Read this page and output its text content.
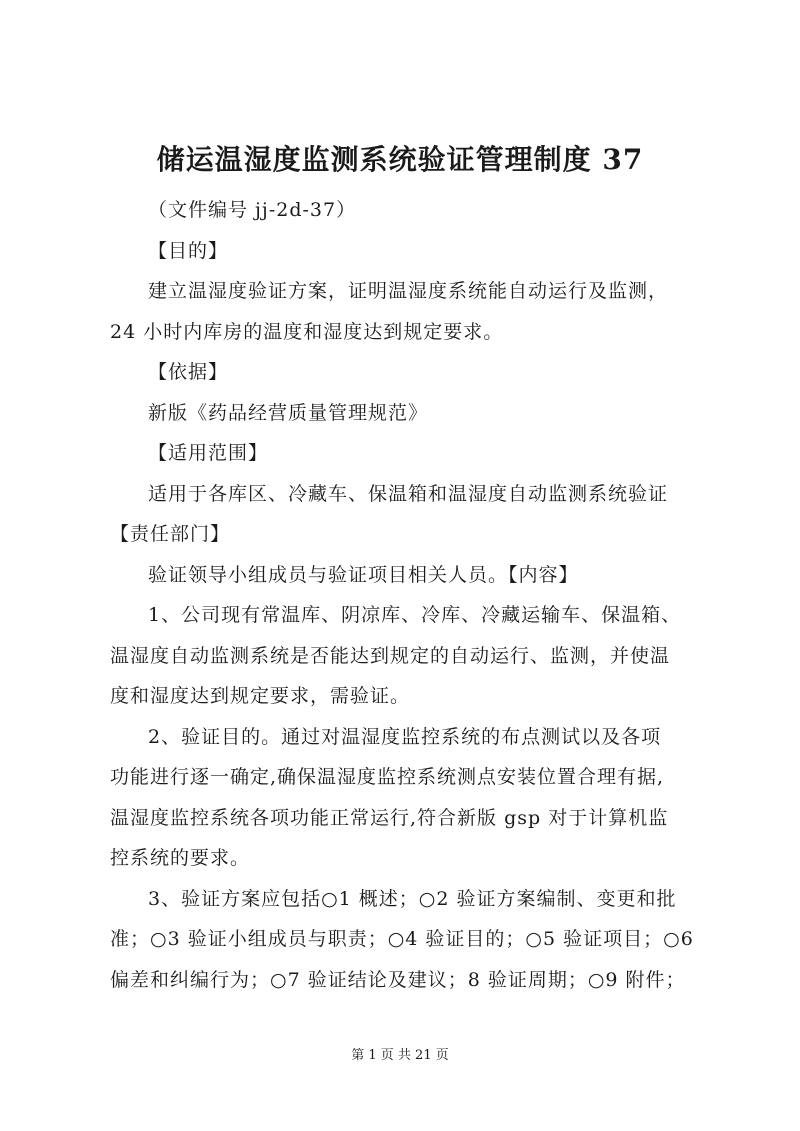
储运温湿度监测系统验证管理制度 37
（文件编号 jj-2d-37）
【目的】
建立温湿度验证方案，证明温湿度系统能自动运行及监测，
24 小时内库房的温度和湿度达到规定要求。
【依据】
新版《药品经营质量管理规范》
【适用范围】
适用于各库区、冷藏车、保温箱和温湿度自动监测系统验证
【责任部门】
验证领导小组成员与验证项目相关人员。【内容】
1、公司现有常温库、阴凉库、冷库、冷藏运输车、保温箱、
温湿度自动监测系统是否能达到规定的自动运行、监测，并使温
度和湿度达到规定要求，需验证。
2、验证目的。通过对温湿度监控系统的布点测试以及各项
功能进行逐一确定,确保温湿度监控系统测点安装位置合理有据,
温湿度监控系统各项功能正常运行,符合新版 gsp 对于计算机监
控系统的要求。
3、验证方案应包括○1 概述；○2 验证方案编制、变更和批
准；○3 验证小组成员与职责；○4 验证目的；○5 验证项目；○6
偏差和纠编行为；○7 验证结论及建议；8 验证周期；○9 附件；
第 1 页 共 21 页
